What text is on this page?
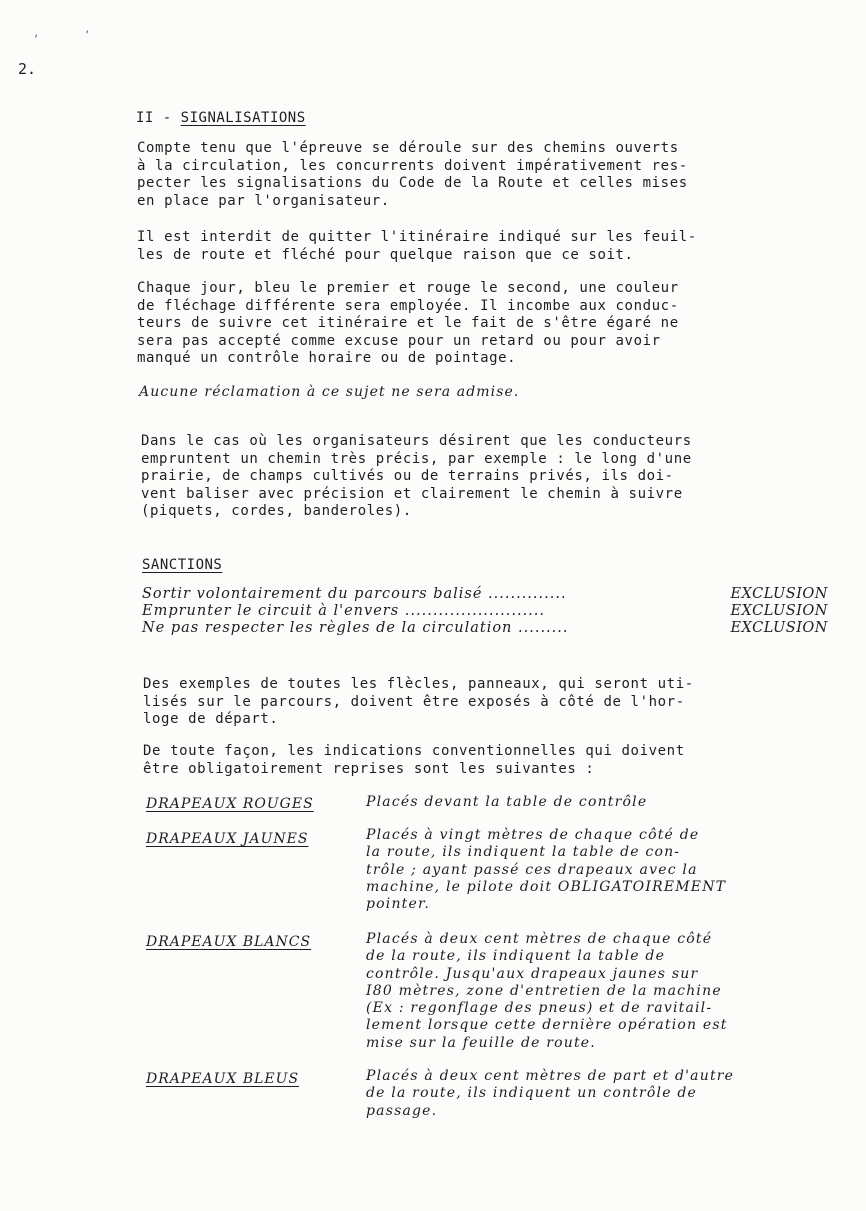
ʼ	ʼ
2.
II - SIGNALISATIONS
Compte tenu que l'épreuve se déroule sur des chemins ouverts
à la circulation, les concurrents doivent impérativement res-
pecter les signalisations du Code de la Route et celles mises
en place par l'organisateur.
Il est interdit de quitter l'itinéraire indiqué sur les feuil-
les de route et fléché pour quelque raison que ce soit.
Chaque jour, bleu le premier et rouge le second, une couleur
de fléchage différente sera employée. Il incombe aux conduc-
teurs de suivre cet itinéraire et le fait de s'être égaré ne
sera pas accepté comme excuse pour un retard ou pour avoir
manqué un contrôle horaire ou de pointage.
Aucune réclamation à ce sujet ne sera admise.
Dans le cas où les organisateurs désirent que les conducteurs
empruntent un chemin très précis, par exemple : le long d'une
prairie, de champs cultivés ou de terrains privés, ils doi-
vent baliser avec précision et clairement le chemin à suivre
(piquets, cordes, banderoles).
SANCTIONS
Sortir volontairement du parcours balisé ..............	EXCLUSION
Emprunter le circuit à l'envers .........................	EXCLUSION
Ne pas respecter les règles de la circulation .........	EXCLUSION
Des exemples de toutes les flècles, panneaux, qui seront uti-
lisés sur le parcours, doivent être exposés à côté de l'hor-
loge de départ.
De toute façon, les indications conventionnelles qui doivent
être obligatoirement reprises sont les suivantes :
DRAPEAUX ROUGES	Placés devant la table de contrôle
DRAPEAUX JAUNES	Placés à vingt mètres de chaque côté de
la route, ils indiquent la table de con-
trôle ; ayant passé ces drapeaux avec la
machine, le pilote doit OBLIGATOIREMENT
pointer.
DRAPEAUX BLANCS	Placés à deux cent mètres de chaque côté
de la route, ils indiquent la table de
contrôle. Jusqu'aux drapeaux jaunes sur
I80 mètres, zone d'entretien de la machine
(Ex : regonflage des pneus) et de ravitail-
lement lorsque cette dernière opération est
mise sur la feuille de route.
DRAPEAUX BLEUS	Placés à deux cent mètres de part et d'autre
de la route, ils indiquent un contrôle de
passage.
